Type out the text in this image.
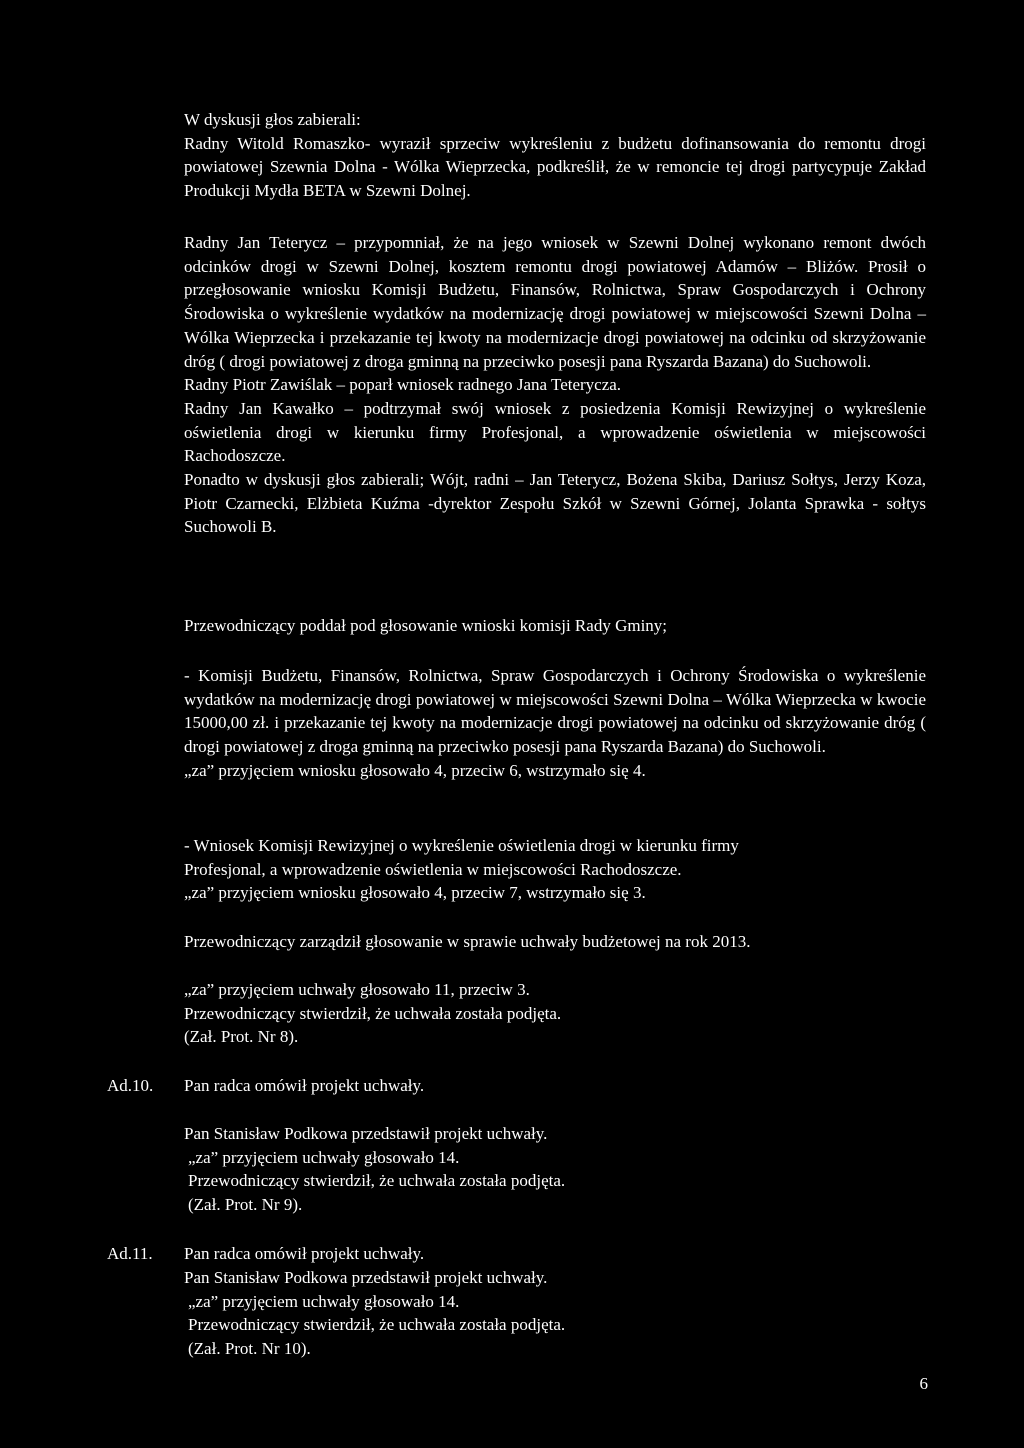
W dyskusji głos zabierali:

Radny Witold Romaszko- wyraził sprzeciw wykreśleniu z budżetu dofinansowania do remontu drogi powiatowej Szewnia Dolna - Wólka Wieprzecka, podkreślił, że w remoncie tej drogi partycypuje Zakład Produkcji Mydła BETA w Szewni Dolnej.

Radny Jan Teterycz – przypomniał, że na jego wniosek w Szewni Dolnej wykonano remont dwóch odcinków drogi w Szewni Dolnej, kosztem remontu drogi powiatowej Adamów – Bliżów. Prosił o przegłosowanie wniosku Komisji Budżetu, Finansów, Rolnictwa, Spraw Gospodarczych i Ochrony Środowiska o wykreślenie wydatków na modernizację drogi powiatowej w miejscowości Szewni Dolna – Wólka Wieprzecka i przekazanie tej kwoty na modernizacje drogi powiatowej na odcinku od skrzyżowanie dróg ( drogi powiatowej z droga gminną na przeciwko posesji pana Ryszarda Bazana) do Suchowoli.

Radny Piotr Zawiślak – poparł wniosek radnego Jana Teterycza.

Radny Jan Kawałko – podtrzymał swój wniosek z posiedzenia Komisji Rewizyjnej o wykreślenie oświetlenia drogi w kierunku firmy Profesjonal, a wprowadzenie oświetlenia w miejscowości Rachodoszcze.

Ponadto w dyskusji głos zabierali; Wójt, radni – Jan Teterycz, Bożena Skiba, Dariusz Sołtys, Jerzy Koza, Piotr Czarnecki, Elżbieta Kuźma -dyrektor Zespołu Szkół w Szewni Górnej, Jolanta Sprawka - sołtys Suchowoli B.

Przewodniczący poddał pod głosowanie wnioski komisji Rady Gminy;

- Komisji Budżetu, Finansów, Rolnictwa, Spraw Gospodarczych i Ochrony Środowiska o wykreślenie wydatków na modernizację drogi powiatowej w miejscowości Szewni Dolna – Wólka Wieprzecka w kwocie 15000,00 zł. i przekazanie tej kwoty na modernizacje drogi powiatowej na odcinku od skrzyżowanie dróg ( drogi powiatowej z droga gminną na przeciwko posesji pana Ryszarda Bazana) do Suchowoli.

„za” przyjęciem wniosku głosowało 4, przeciw 6, wstrzymało się 4.

- Wniosek Komisji Rewizyjnej o wykreślenie oświetlenia drogi w kierunku firmy
Profesjonal, a wprowadzenie oświetlenia w miejscowości Rachodoszcze.
„za” przyjęciem wniosku głosowało 4, przeciw 7, wstrzymało się 3.
Przewodniczący zarządził głosowanie w sprawie uchwały budżetowej na rok 2013.
„za” przyjęciem uchwały głosowało 11, przeciw 3.
Przewodniczący stwierdził, że uchwała została podjęta.
(Zał. Prot. Nr 8).
Ad.10. Pan radca omówił projekt uchwały.
Pan Stanisław Podkowa przedstawił projekt uchwały.
„za” przyjęciem uchwały głosowało 14.
Przewodniczący stwierdził, że uchwała została podjęta.
(Zał. Prot. Nr 9).
Ad.11. Pan radca omówił projekt uchwały.
Pan Stanisław Podkowa przedstawił projekt uchwały.
„za” przyjęciem uchwały głosowało 14.
Przewodniczący stwierdził, że uchwała została podjęta.
(Zał. Prot. Nr 10).
6
